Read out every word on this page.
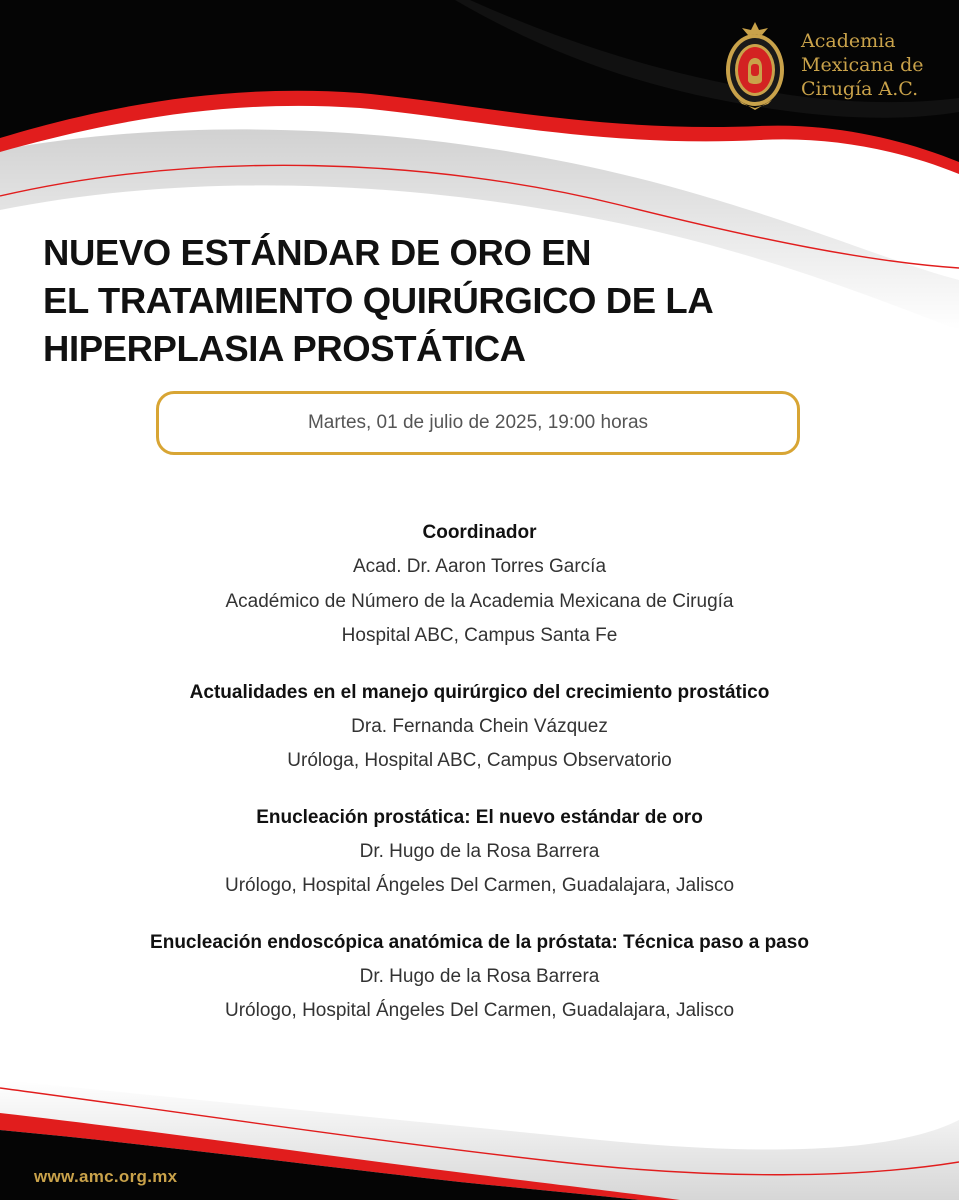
Academia
Mexicana de
Cirugía A.C.
NUEVO ESTÁNDAR DE ORO EN
EL TRATAMIENTO QUIRÚRGICO DE LA
HIPERPLASIA PROSTÁTICA
Martes, 01 de julio de 2025, 19:00 horas
Coordinador
Acad. Dr. Aaron Torres García
Académico de Número de la Academia Mexicana de Cirugía
Hospital ABC, Campus Santa Fe
Actualidades en el manejo quirúrgico del crecimiento prostático
Dra. Fernanda Chein Vázquez
Uróloga, Hospital ABC, Campus Observatorio
Enucleación prostática: El nuevo estándar de oro
Dr. Hugo de la Rosa Barrera
Urólogo, Hospital Ángeles Del Carmen, Guadalajara, Jalisco
Enucleación endoscópica anatómica de la próstata: Técnica paso a paso
Dr. Hugo de la Rosa Barrera
Urólogo, Hospital Ángeles Del Carmen, Guadalajara, Jalisco
www.amc.org.mx
